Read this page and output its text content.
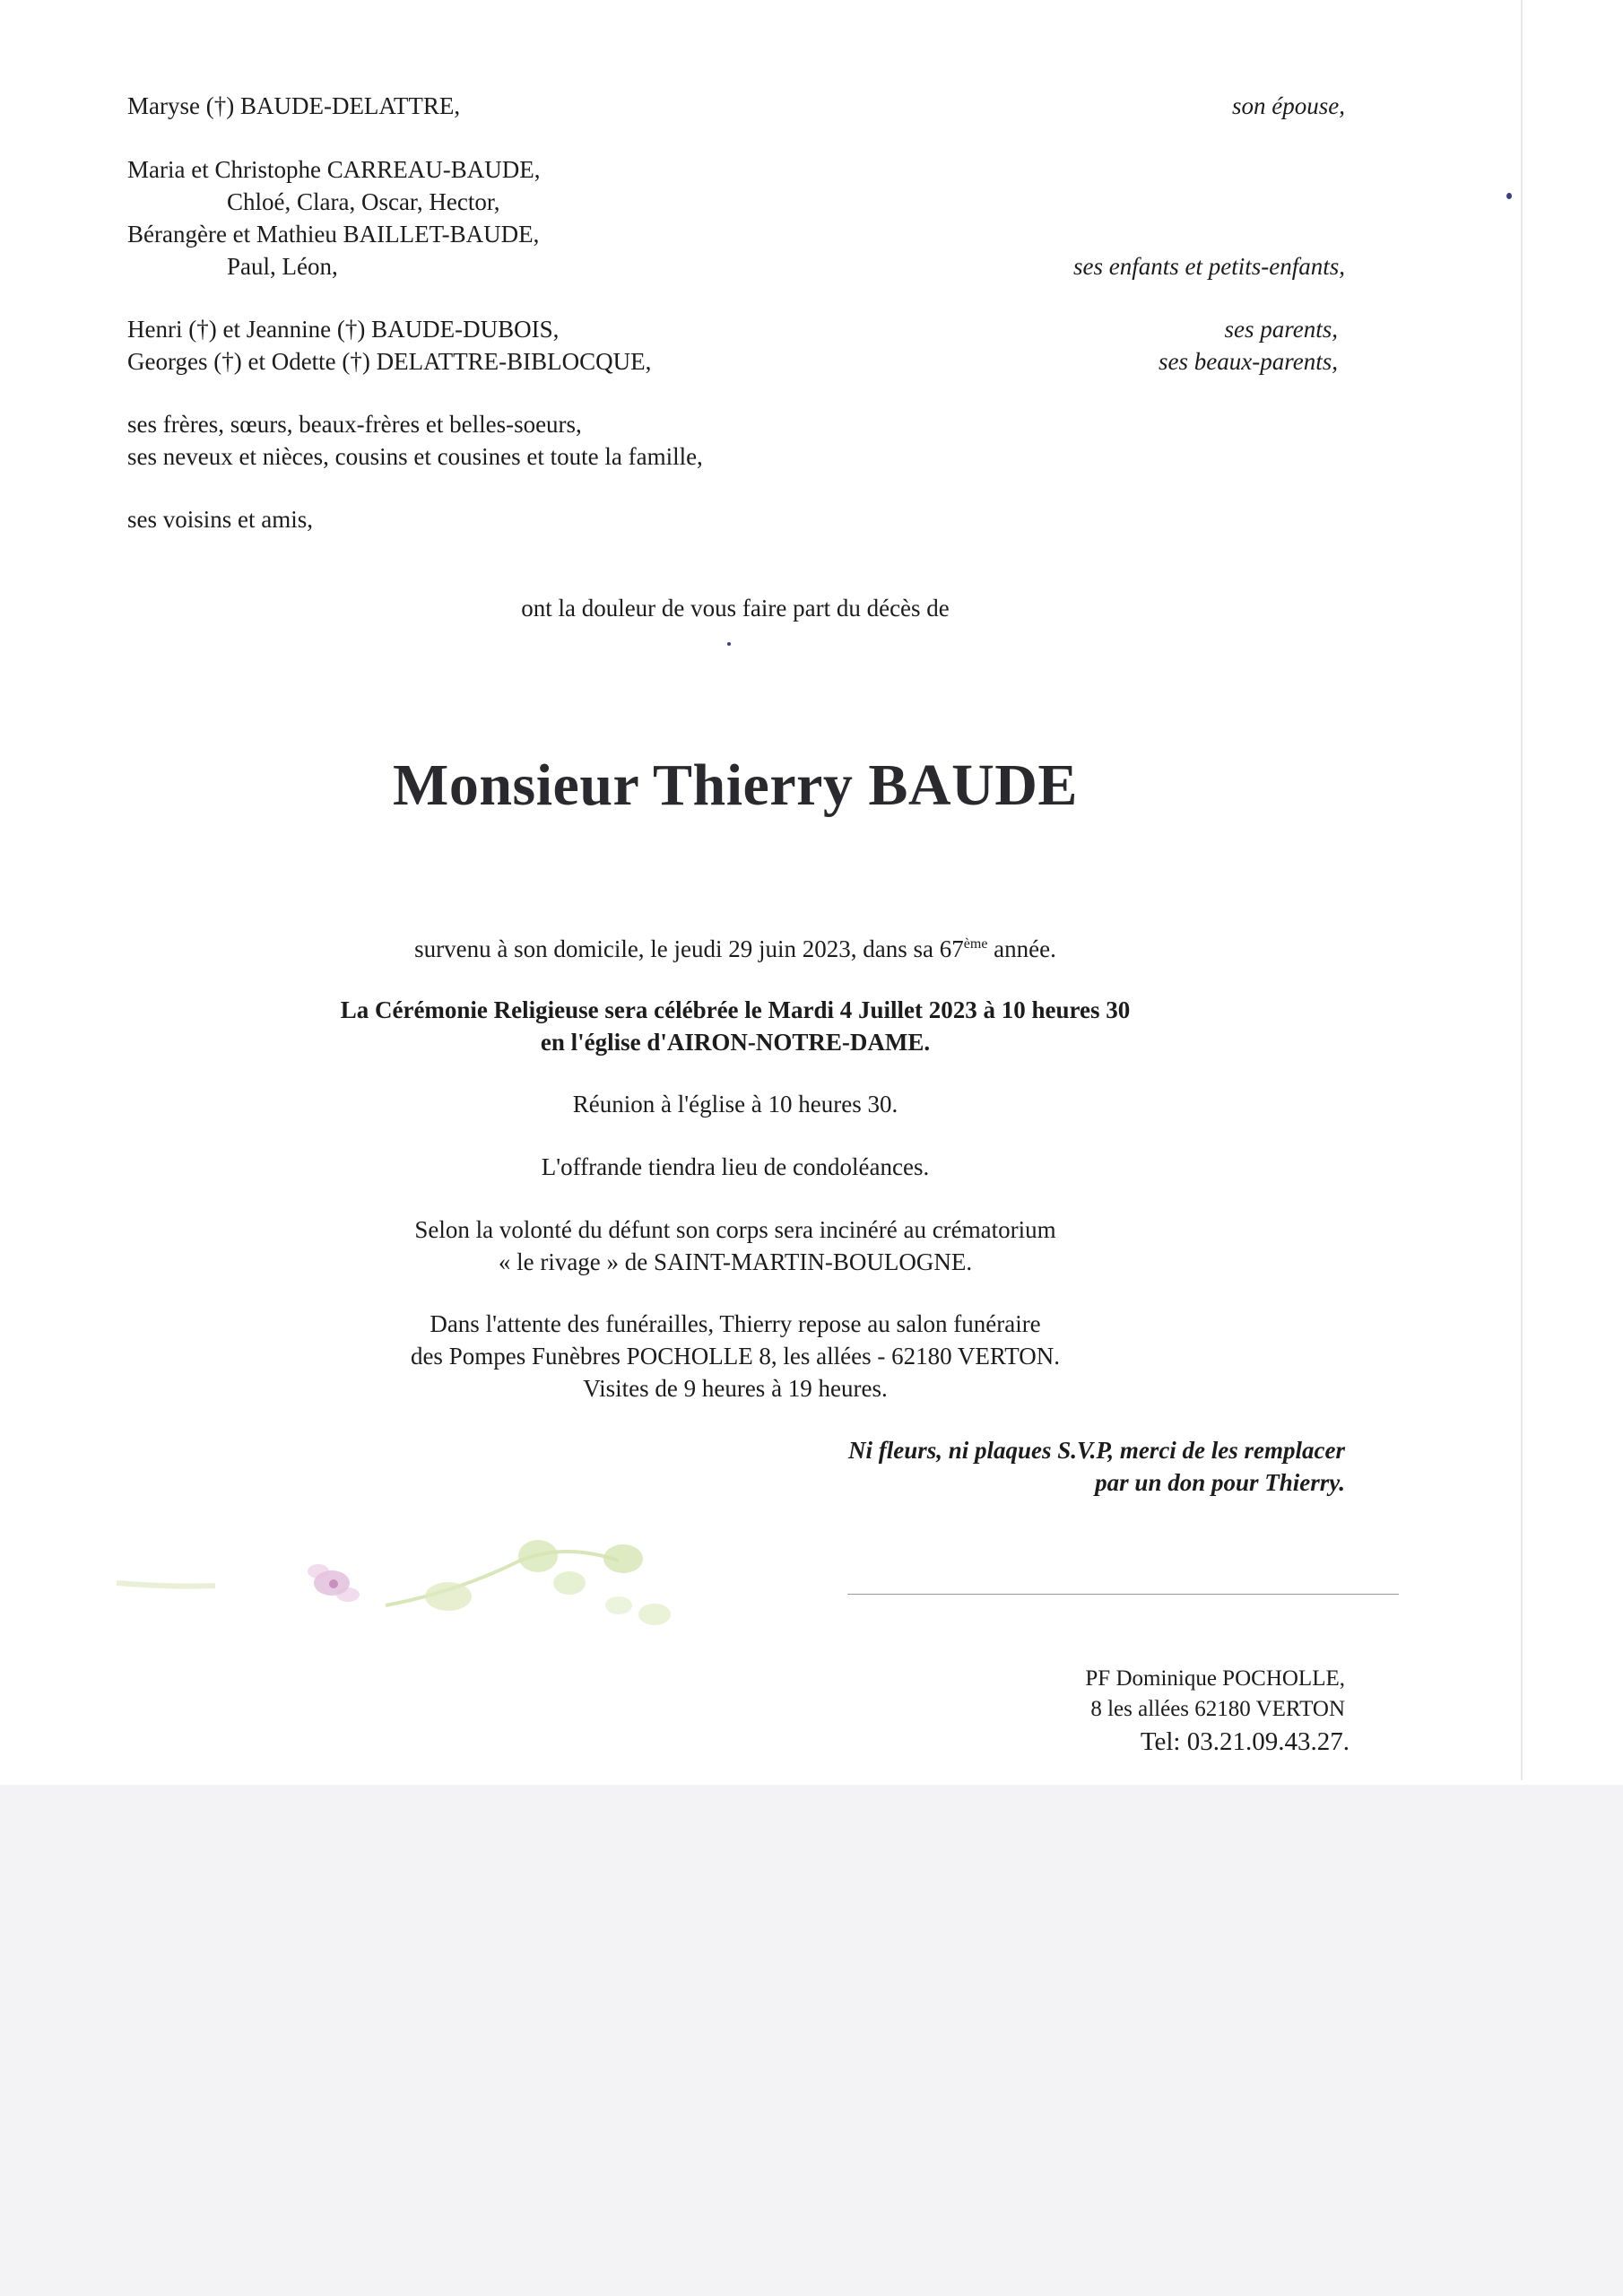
Maryse (†) BAUDE-DELATTRE,	son épouse,
Maria et Christophe CARREAU-BAUDE,
Chloé, Clara, Oscar, Hector,
Bérangère et Mathieu BAILLET-BAUDE,
Paul, Léon,	ses enfants et petits-enfants,
Henri (†) et Jeannine (†) BAUDE-DUBOIS,	ses parents,
Georges (†) et Odette (†) DELATTRE-BIBLOCQUE,	ses beaux-parents,
ses frères, sœurs, beaux-frères et belles-soeurs,
ses neveux et nièces, cousins et cousines et toute la famille,
ses voisins et amis,
ont la douleur de vous faire part du décès de
Monsieur Thierry BAUDE
survenu à son domicile, le jeudi 29 juin 2023, dans sa 67ème année.
La Cérémonie Religieuse sera célébrée le Mardi 4 Juillet 2023 à 10 heures 30
en l'église d'AIRON-NOTRE-DAME.
Réunion à l'église à 10 heures 30.
L'offrande tiendra lieu de condoléances.
Selon la volonté du défunt son corps sera incinéré au crématorium
« le rivage » de SAINT-MARTIN-BOULOGNE.
Dans l'attente des funérailles, Thierry repose au salon funéraire
des Pompes Funèbres POCHOLLE 8, les allées - 62180 VERTON.
Visites de 9 heures à 19 heures.
Ni fleurs, ni plaques S.V.P, merci de les remplacer
par un don pour Thierry.
PF Dominique POCHOLLE,
8 les allées 62180 VERTON
Tel: 03.21.09.43.27.
